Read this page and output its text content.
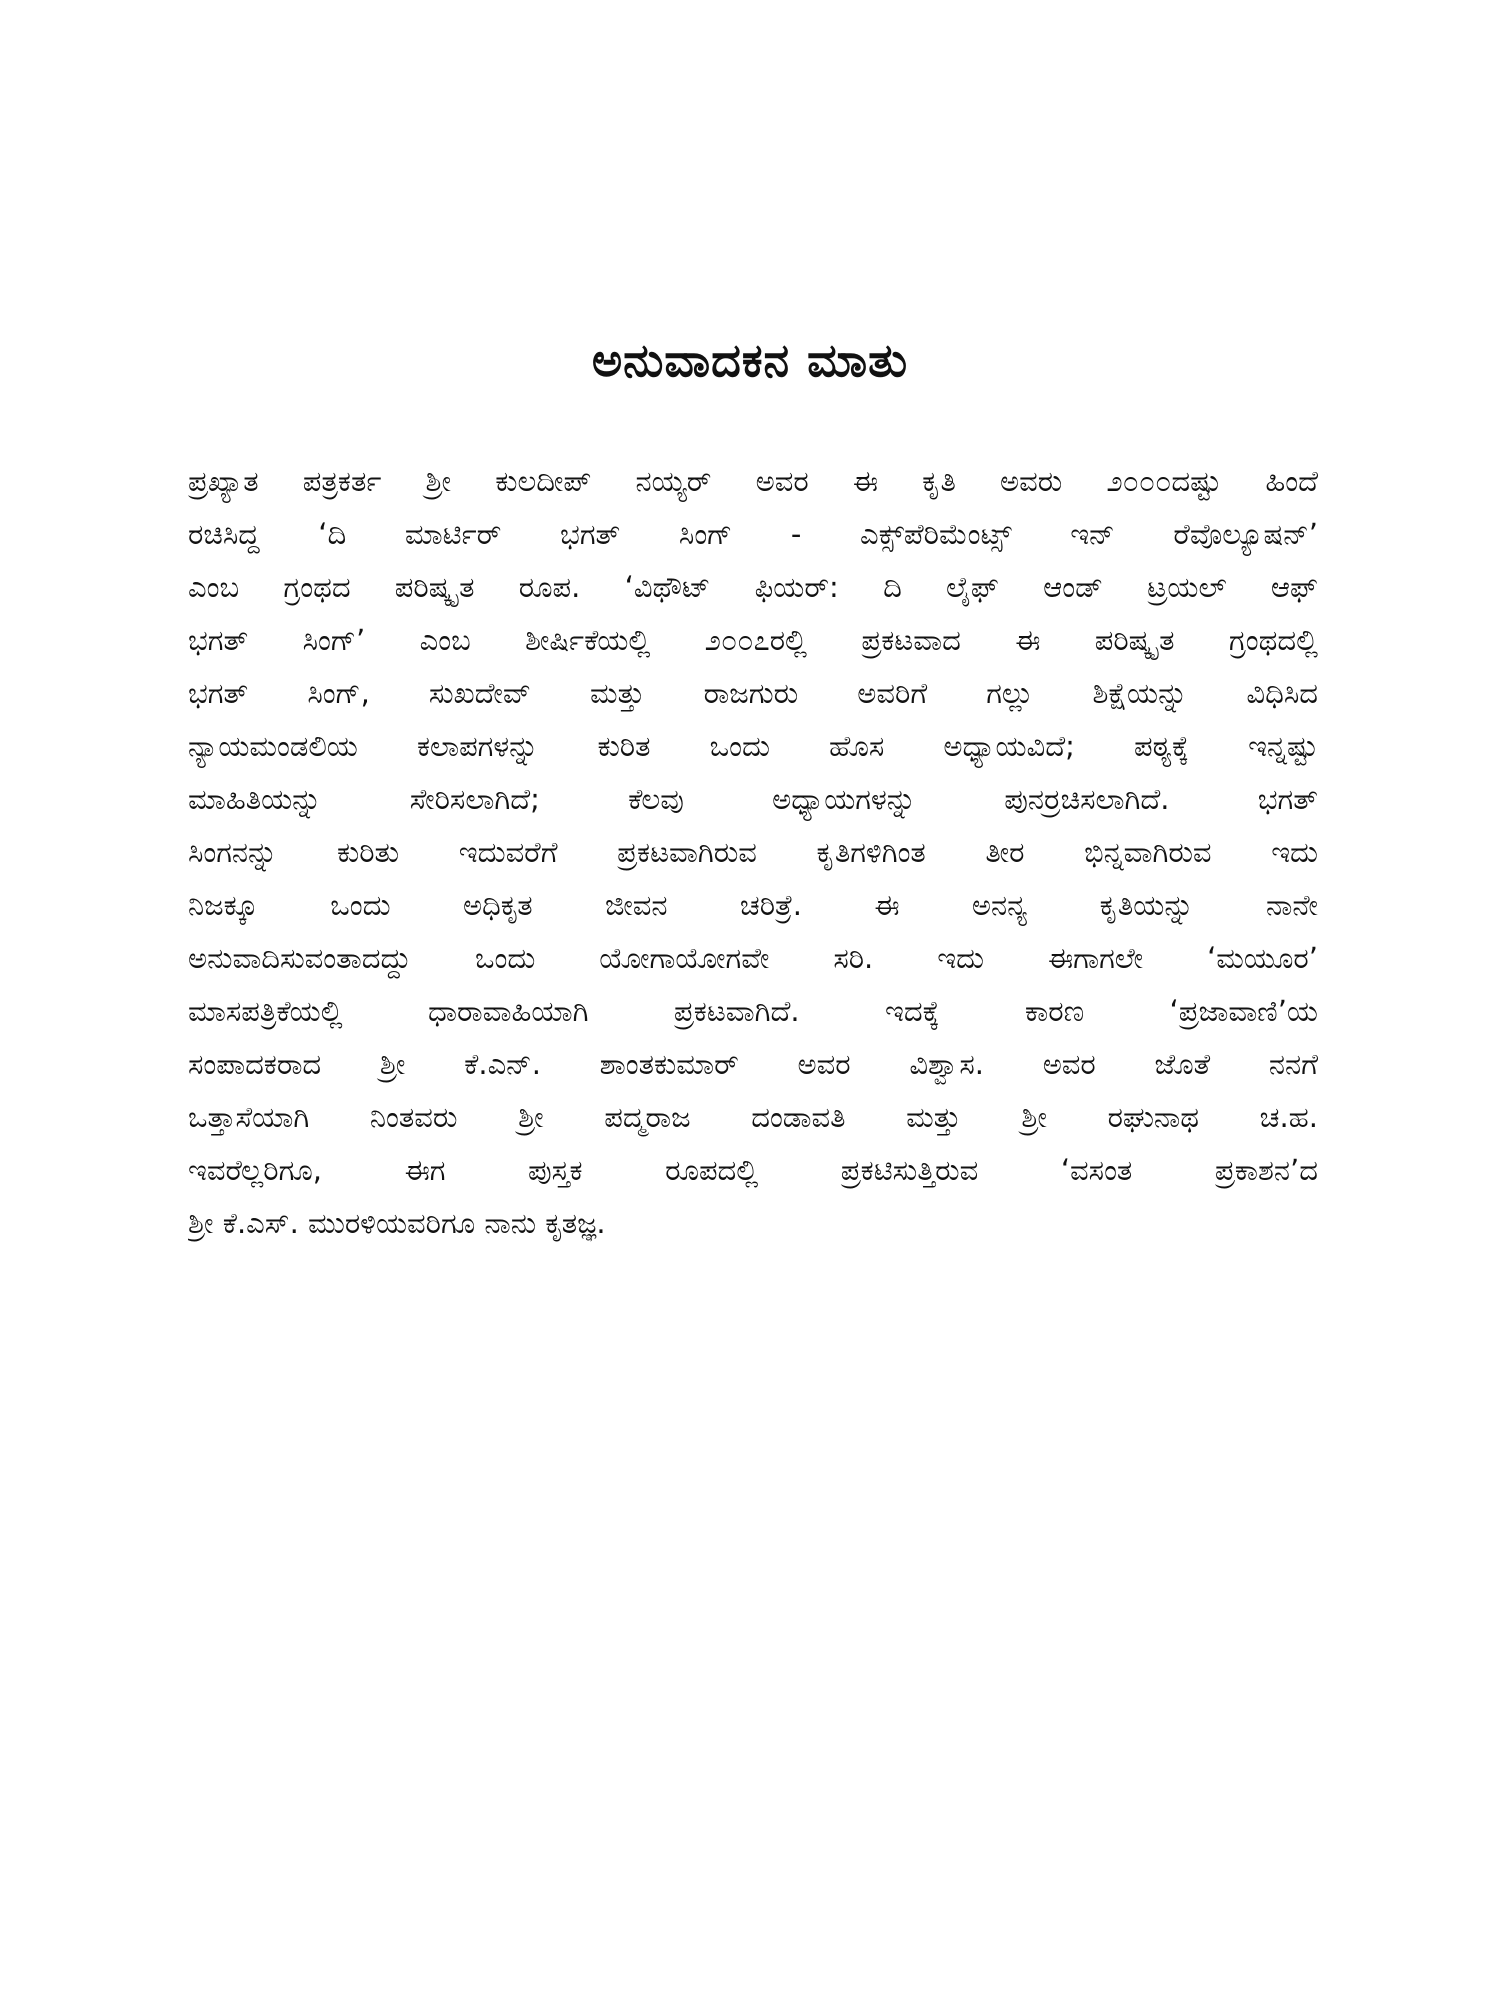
ಅನುವಾದಕನ ಮಾತು
ಪ್ರಖ್ಯಾತ ಪತ್ರಕರ್ತ ಶ್ರೀ ಕುಲದೀಪ್ ನಯ್ಯರ್ ಅವರ ಈ ಕೃತಿ ಅವರು ೨೦೦೦ದಷ್ಟು ಹಿಂದೆ
ರಚಿಸಿದ್ದ ‘ದಿ ಮಾರ್ಟಿರ್ ಭಗತ್ ಸಿಂಗ್ - ಎಕ್ಸ್‌ಪೆರಿಮೆಂಟ್ಸ್ ಇನ್ ರೆವೊಲ್ಯೂಷನ್’
ಎಂಬ ಗ್ರಂಥದ ಪರಿಷ್ಕೃತ ರೂಪ. ‘ವಿಥೌಟ್ ಫಿಯರ್: ದಿ ಲೈಫ್ ಆಂಡ್ ಟ್ರಯಲ್ ಆಫ್
ಭಗತ್ ಸಿಂಗ್’ ಎಂಬ ಶೀರ್ಷಿಕೆಯಲ್ಲಿ ೨೦೦೭ರಲ್ಲಿ ಪ್ರಕಟವಾದ ಈ ಪರಿಷ್ಕೃತ ಗ್ರಂಥದಲ್ಲಿ
ಭಗತ್ ಸಿಂಗ್, ಸುಖದೇವ್ ಮತ್ತು ರಾಜಗುರು ಅವರಿಗೆ ಗಲ್ಲು ಶಿಕ್ಷೆಯನ್ನು ವಿಧಿಸಿದ
ನ್ಯಾಯಮಂಡಲಿಯ ಕಲಾಪಗಳನ್ನು ಕುರಿತ ಒಂದು ಹೊಸ ಅಧ್ಯಾಯವಿದೆ; ಪಠ್ಯಕ್ಕೆ ಇನ್ನಷ್ಟು
ಮಾಹಿತಿಯನ್ನು ಸೇರಿಸಲಾಗಿದೆ; ಕೆಲವು ಅಧ್ಯಾಯಗಳನ್ನು ಪುನರ್ರಚಿಸಲಾಗಿದೆ. ಭಗತ್
ಸಿಂಗನನ್ನು ಕುರಿತು ಇದುವರೆಗೆ ಪ್ರಕಟವಾಗಿರುವ ಕೃತಿಗಳಿಗಿಂತ ತೀರ ಭಿನ್ನವಾಗಿರುವ ಇದು
ನಿಜಕ್ಕೂ ಒಂದು ಅಧಿಕೃತ ಜೀವನ ಚರಿತ್ರೆ. ಈ ಅನನ್ಯ ಕೃತಿಯನ್ನು ನಾನೇ
ಅನುವಾದಿಸುವಂತಾದದ್ದು ಒಂದು ಯೋಗಾಯೋಗವೇ ಸರಿ. ಇದು ಈಗಾಗಲೇ ‘ಮಯೂರ’
ಮಾಸಪತ್ರಿಕೆಯಲ್ಲಿ ಧಾರಾವಾಹಿಯಾಗಿ ಪ್ರಕಟವಾಗಿದೆ. ಇದಕ್ಕೆ ಕಾರಣ ‘ಪ್ರಜಾವಾಣಿ’ಯ
ಸಂಪಾದಕರಾದ ಶ್ರೀ ಕೆ.ಎನ್. ಶಾಂತಕುಮಾರ್ ಅವರ ವಿಶ್ವಾಸ. ಅವರ ಜೊತೆ ನನಗೆ
ಒತ್ತಾಸೆಯಾಗಿ ನಿಂತವರು ಶ್ರೀ ಪದ್ಮರಾಜ ದಂಡಾವತಿ ಮತ್ತು ಶ್ರೀ ರಘುನಾಥ ಚ.ಹ.
ಇವರೆಲ್ಲರಿಗೂ, ಈಗ ಪುಸ್ತಕ ರೂಪದಲ್ಲಿ ಪ್ರಕಟಿಸುತ್ತಿರುವ ‘ವಸಂತ ಪ್ರಕಾಶನ’ದ
ಶ್ರೀ ಕೆ.ಎಸ್. ಮುರಳಿಯವರಿಗೂ ನಾನು ಕೃತಜ್ಞ.
